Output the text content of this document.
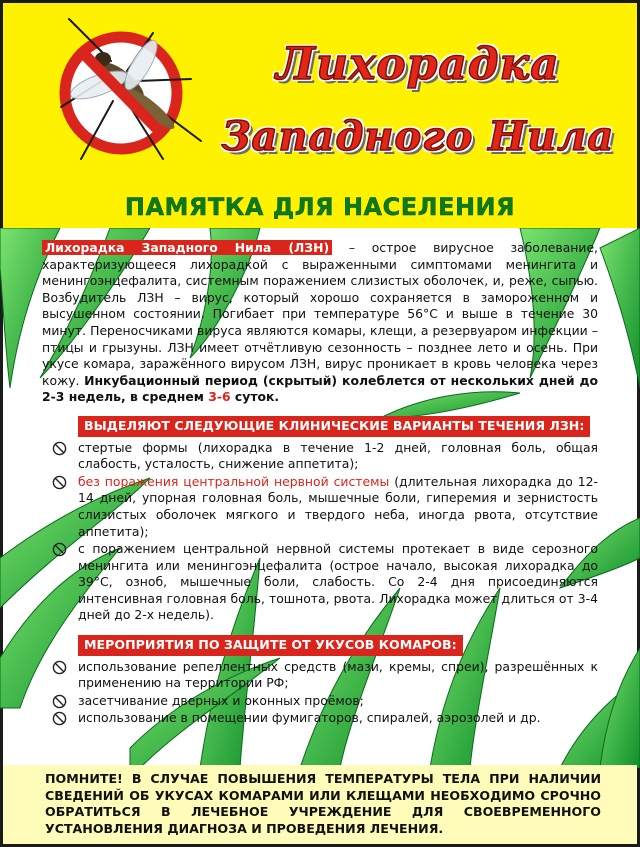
Лихорадка
Западного Нила
ПАМЯТКА ДЛЯ НАСЕЛЕНИЯ
Лихорадка Западного Нила (ЛЗН) – острое вирусное заболевание, характеризующееся лихорадкой с выраженными симптомами менингита и менингоэнцефалита, системным поражением слизистых оболочек, и, реже, сыпью. Возбудитель ЛЗН – вирус, который хорошо сохраняется в замороженном и высушенном состоянии. Погибает при температуре 56°С и выше в течение 30 минут. Переносчиками вируса являются комары, клещи, а резервуаром инфекции – птицы и грызуны. ЛЗН имеет отчётливую сезонность – позднее лето и осень. При укусе комара, заражённого вирусом ЛЗН, вирус проникает в кровь человека через кожу. Инкубационный период (скрытый) колеблется от нескольких дней до 2-3 недель, в среднем 3-6 суток.
ВЫДЕЛЯЮТ СЛЕДУЮЩИЕ КЛИНИЧЕСКИЕ ВАРИАНТЫ ТЕЧЕНИЯ ЛЗН:
стертые формы (лихорадка в течение 1-2 дней, головная боль, общая слабость, усталость, снижение аппетита);
без поражения центральной нервной системы (длительная лихорадка до 12-14 дней, упорная головная боль, мышечные боли, гиперемия и зернистость слизистых оболочек мягкого и твердого неба, иногда рвота, отсутствие аппетита);
с поражением центральной нервной системы протекает в виде серозного менингита или менингоэнцефалита (острое начало, высокая лихорадка до 39°С, озноб, мышечные боли, слабость. Со 2-4 дня присоединяются интенсивная головная боль, тошнота, рвота. Лихорадка может длиться от 3-4 дней до 2-х недель).
МЕРОПРИЯТИЯ ПО ЗАЩИТЕ ОТ УКУСОВ КОМАРОВ:
использование репеллентных средств (мази, кремы, спреи), разрешённых к применению на территории РФ;
засетчивание дверных и оконных проёмов;
использование в помещении фумигаторов, спиралей, аэрозолей и др.

ПОМНИТЕ! В СЛУЧАЕ ПОВЫШЕНИЯ ТЕМПЕРАТУРЫ ТЕЛА ПРИ НАЛИЧИИ СВЕДЕНИЙ ОБ УКУСАХ КОМАРАМИ ИЛИ КЛЕЩАМИ НЕОБХОДИМО СРОЧНО ОБРАТИТЬСЯ В ЛЕЧЕБНОЕ УЧРЕЖДЕНИЕ ДЛЯ СВОЕВРЕМЕННОГО УСТАНОВЛЕНИЯ ДИАГНОЗА И ПРОВЕДЕНИЯ ЛЕЧЕНИЯ.
